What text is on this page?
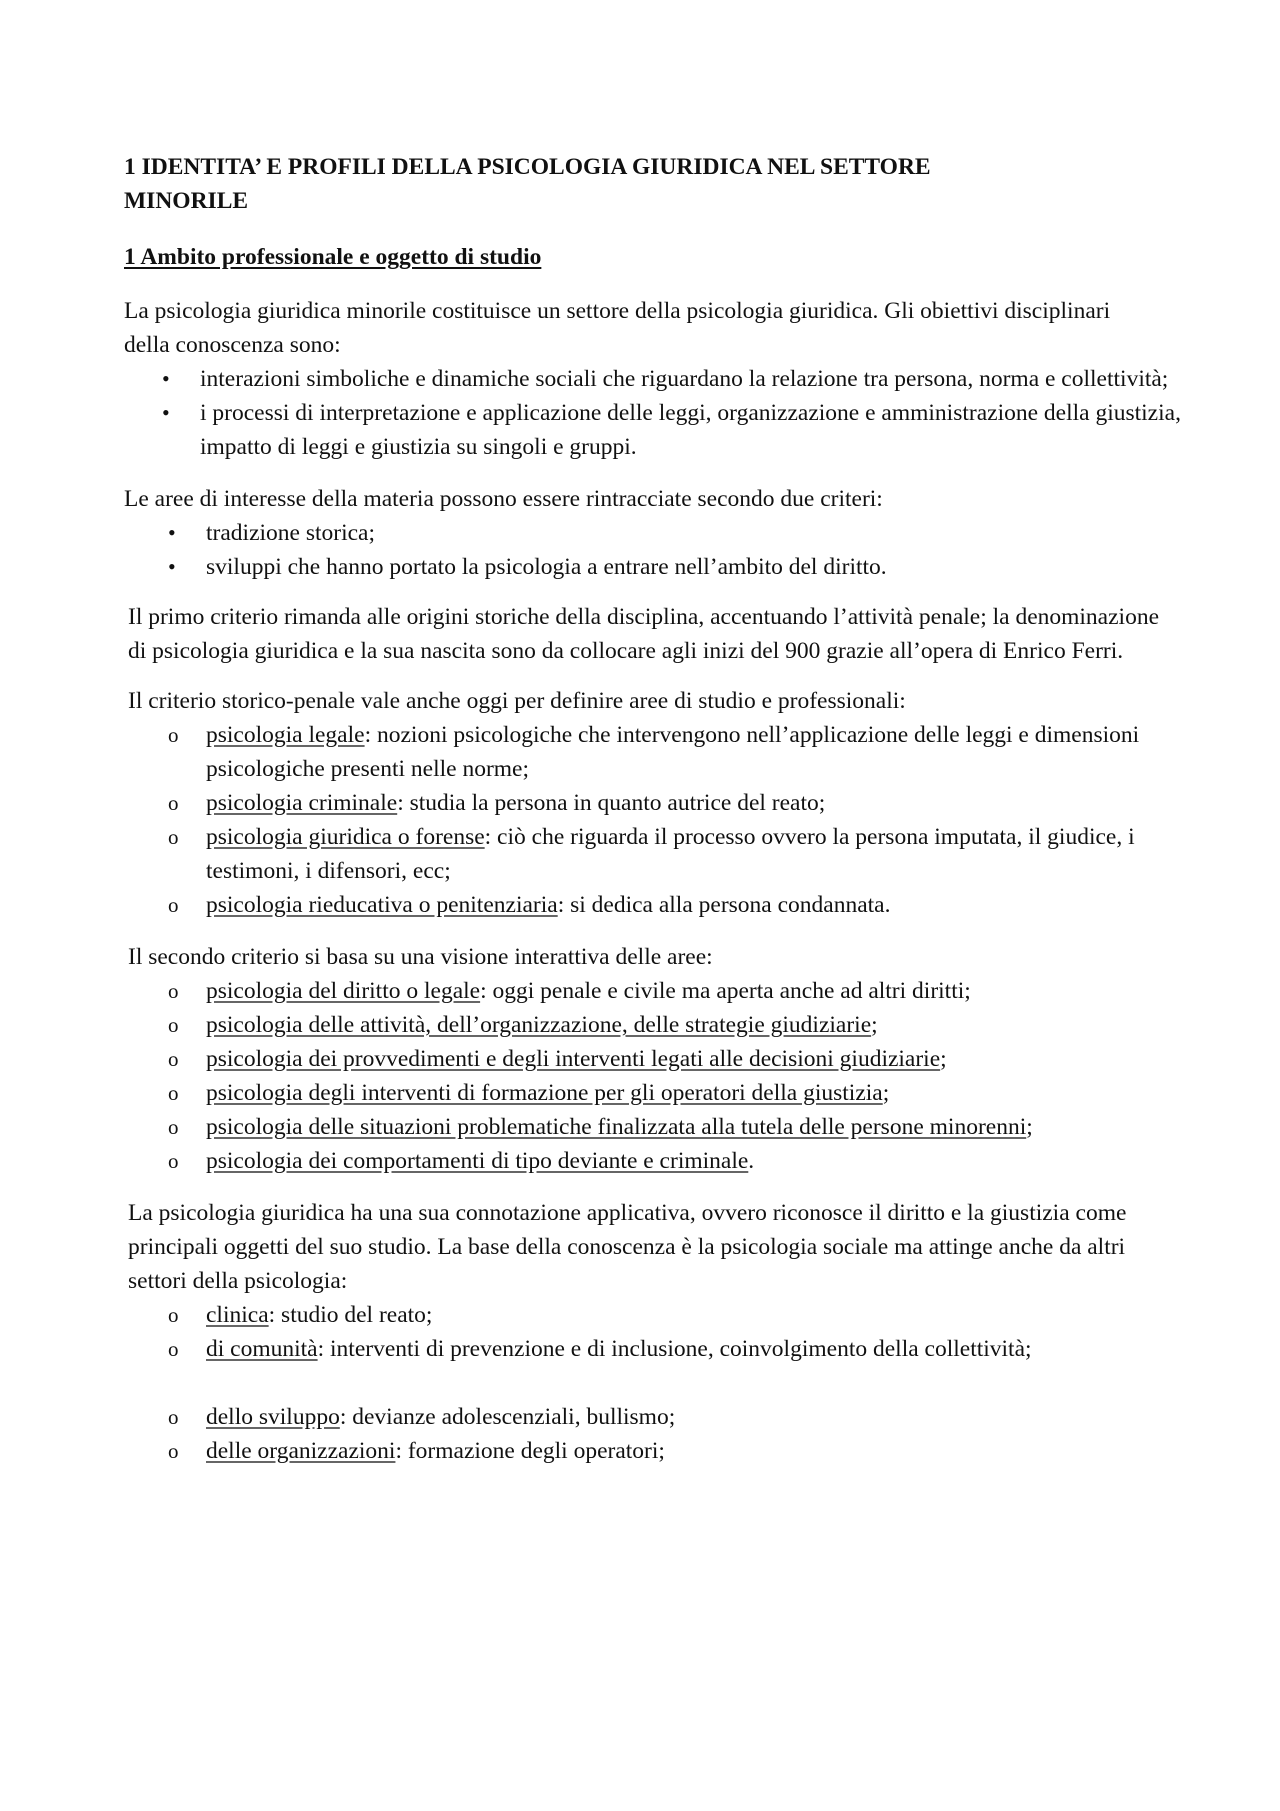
1 IDENTITA’ E PROFILI DELLA PSICOLOGIA GIURIDICA NEL SETTORE MINORILE
1 Ambito professionale e oggetto di studio

La psicologia giuridica minorile costituisce un settore della psicologia giuridica. Gli obiettivi disciplinari della conoscenza sono:

• interazioni simboliche e dinamiche sociali che riguardano la relazione tra persona, norma e collettività;
• i processi di interpretazione e applicazione delle leggi, organizzazione e amministrazione della giustizia, impatto di leggi e giustizia su singoli e gruppi.

Le aree di interesse della materia possono essere rintracciate secondo due criteri:

• tradizione storica;
• sviluppi che hanno portato la psicologia a entrare nell’ambito del diritto.

Il primo criterio rimanda alle origini storiche della disciplina, accentuando l’attività penale; la denominazione di psicologia giuridica e la sua nascita sono da collocare agli inizi del 900 grazie all’opera di Enrico Ferri.

Il criterio storico-penale vale anche oggi per definire aree di studio e professionali:

o psicologia legale: nozioni psicologiche che intervengono nell’applicazione delle leggi e dimensioni psicologiche presenti nelle norme;
o psicologia criminale: studia la persona in quanto autrice del reato;
o psicologia giuridica o forense: ciò che riguarda il processo ovvero la persona imputata, il giudice, i testimoni, i difensori, ecc;
o psicologia rieducativa o penitenziaria: si dedica alla persona condannata.

Il secondo criterio si basa su una visione interattiva delle aree:

o psicologia del diritto o legale: oggi penale e civile ma aperta anche ad altri diritti;
o psicologia delle attività, dell’organizzazione, delle strategie giudiziarie;
o psicologia dei provvedimenti e degli interventi legati alle decisioni giudiziarie;
o psicologia degli interventi di formazione per gli operatori della giustizia;
o psicologia delle situazioni problematiche finalizzata alla tutela delle persone minorenni;
o psicologia dei comportamenti di tipo deviante e criminale.

La psicologia giuridica ha una sua connotazione applicativa, ovvero riconosce il diritto e la giustizia come principali oggetti del suo studio. La base della conoscenza è la psicologia sociale ma attinge anche da altri settori della psicologia:

o clinica: studio del reato;
o di comunità: interventi di prevenzione e di inclusione, coinvolgimento della collettività;
o dello sviluppo: devianze adolescenziali, bullismo;
o delle organizzazioni: formazione degli operatori;
